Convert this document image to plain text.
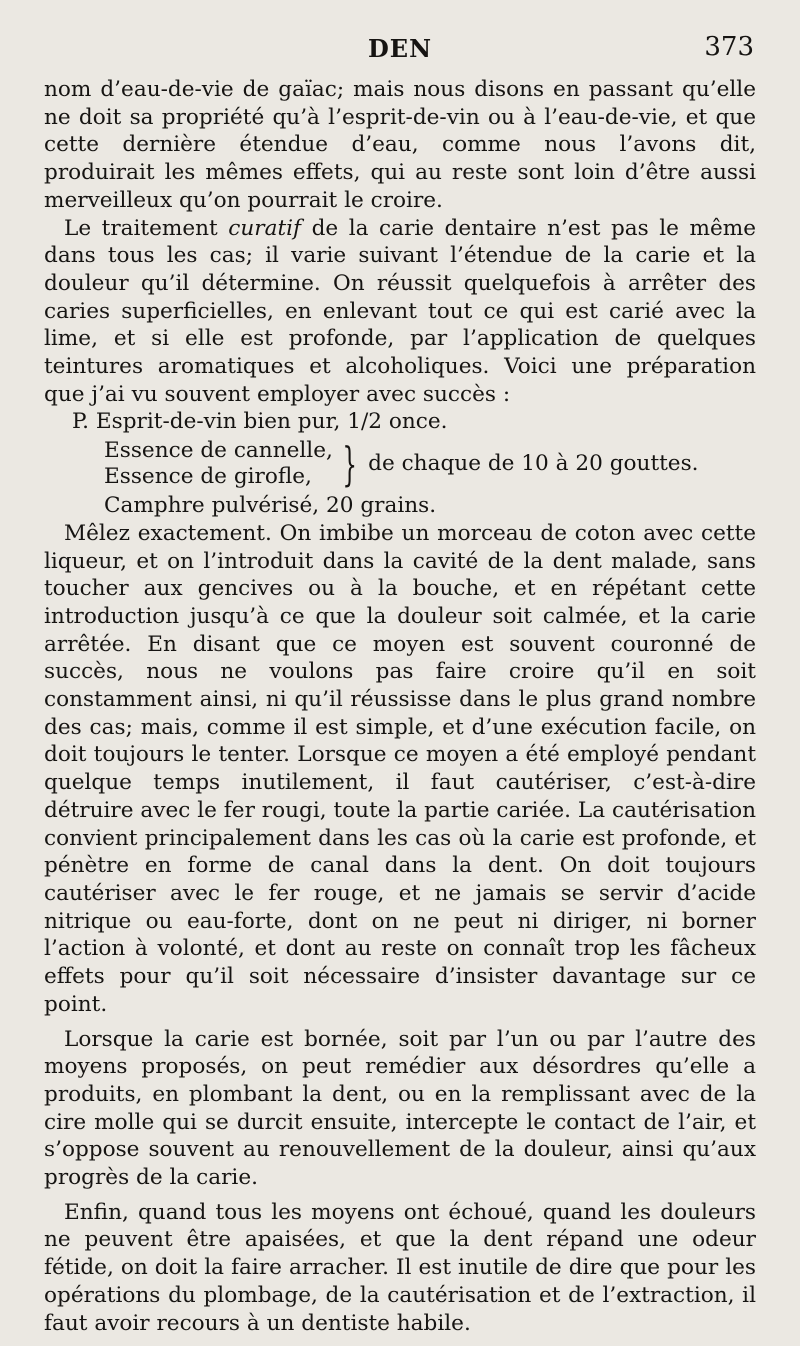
DEN	373

nom d’eau-de-vie de gaïac; mais nous disons en passant qu’elle ne doit sa propriété qu’à l’esprit-de-vin ou à l’eau-de-vie, et que cette dernière étendue d’eau, comme nous l’avons dit, produirait les mêmes effets, qui au reste sont loin d’être aussi merveilleux qu’on pourrait le croire.

Le traitement curatif de la carie dentaire n’est pas le même dans tous les cas; il varie suivant l’étendue de la carie et la douleur qu’il détermine. On réussit quelquefois à arrêter des caries superficielles, en enlevant tout ce qui est carié avec la lime, et si elle est profonde, par l’application de quelques teintures aromatiques et alcoholiques. Voici une préparation que j’ai vu souvent employer avec succès :

P. Esprit-de-vin bien pur, 1/2 once.
Essence de cannelle,
Essence de girofle, } de chaque de 10 à 20 gouttes.
Camphre pulvérisé, 20 grains.

Mêlez exactement. On imbibe un morceau de coton avec cette liqueur, et on l’introduit dans la cavité de la dent malade, sans toucher aux gencives ou à la bouche, et en répétant cette introduction jusqu’à ce que la douleur soit calmée, et la carie arrêtée. En disant que ce moyen est souvent couronné de succès, nous ne voulons pas faire croire qu’il en soit constamment ainsi, ni qu’il réussisse dans le plus grand nombre des cas; mais, comme il est simple, et d’une exécution facile, on doit toujours le tenter. Lorsque ce moyen a été employé pendant quelque temps inutilement, il faut cautériser, c’est-à-dire détruire avec le fer rougi, toute la partie cariée. La cautérisation convient principalement dans les cas où la carie est profonde, et pénètre en forme de canal dans la dent. On doit toujours cautériser avec le fer rouge, et ne jamais se servir d’acide nitrique ou eau-forte, dont on ne peut ni diriger, ni borner l’action à volonté, et dont au reste on connaît trop les fâcheux effets pour qu’il soit nécessaire d’insister davantage sur ce point.

Lorsque la carie est bornée, soit par l’un ou par l’autre des moyens proposés, on peut remédier aux désordres qu’elle a produits, en plombant la dent, ou en la remplissant avec de la cire molle qui se durcit ensuite, intercepte le contact de l’air, et s’oppose souvent au renouvellement de la douleur, ainsi qu’aux progrès de la carie.

Enfin, quand tous les moyens ont échoué, quand les douleurs ne peuvent être apaisées, et que la dent répand une odeur fétide, on doit la faire arracher. Il est inutile de dire que pour les opérations du plombage, de la cautérisation et de l’extraction, il faut avoir recours à un dentiste habile.
